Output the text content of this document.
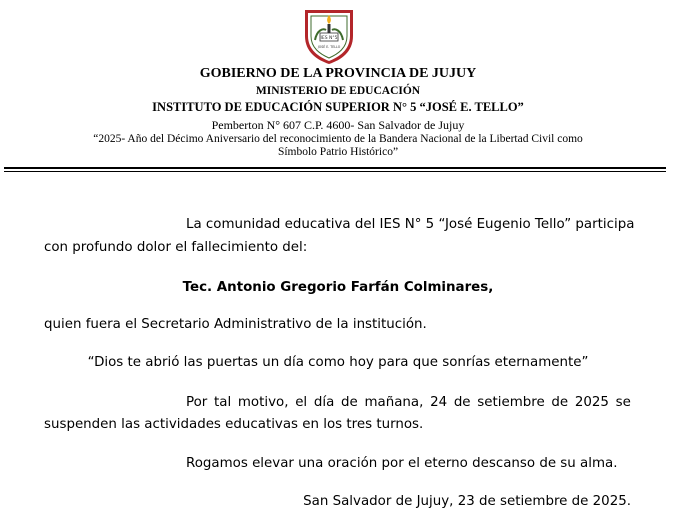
IES N°5
JOSÉ E. TELLO
GOBIERNO DE LA PROVINCIA DE JUJUY
MINISTERIO DE EDUCACIÓN
INSTITUTO DE EDUCACIÓN SUPERIOR N° 5 “JOSÉ E. TELLO”
Pemberton N° 607 C.P. 4600- San Salvador de Jujuy
“2025- Año del Décimo Aniversario del reconocimiento de la Bandera Nacional de la Libertad Civil como
Símbolo Patrio Histórico”
La comunidad educativa del IES N° 5 “José Eugenio Tello” participa
con profundo dolor el fallecimiento del:
Tec. Antonio Gregorio Farfán Colminares,
quien fuera el Secretario Administrativo de la institución.
“Dios te abrió las puertas un día como hoy para que sonrías eternamente”
Por tal motivo, el día de mañana, 24 de setiembre de 2025 se
suspenden las actividades educativas en los tres turnos.
Rogamos elevar una oración por el eterno descanso de su alma.
San Salvador de Jujuy, 23 de setiembre de 2025.
